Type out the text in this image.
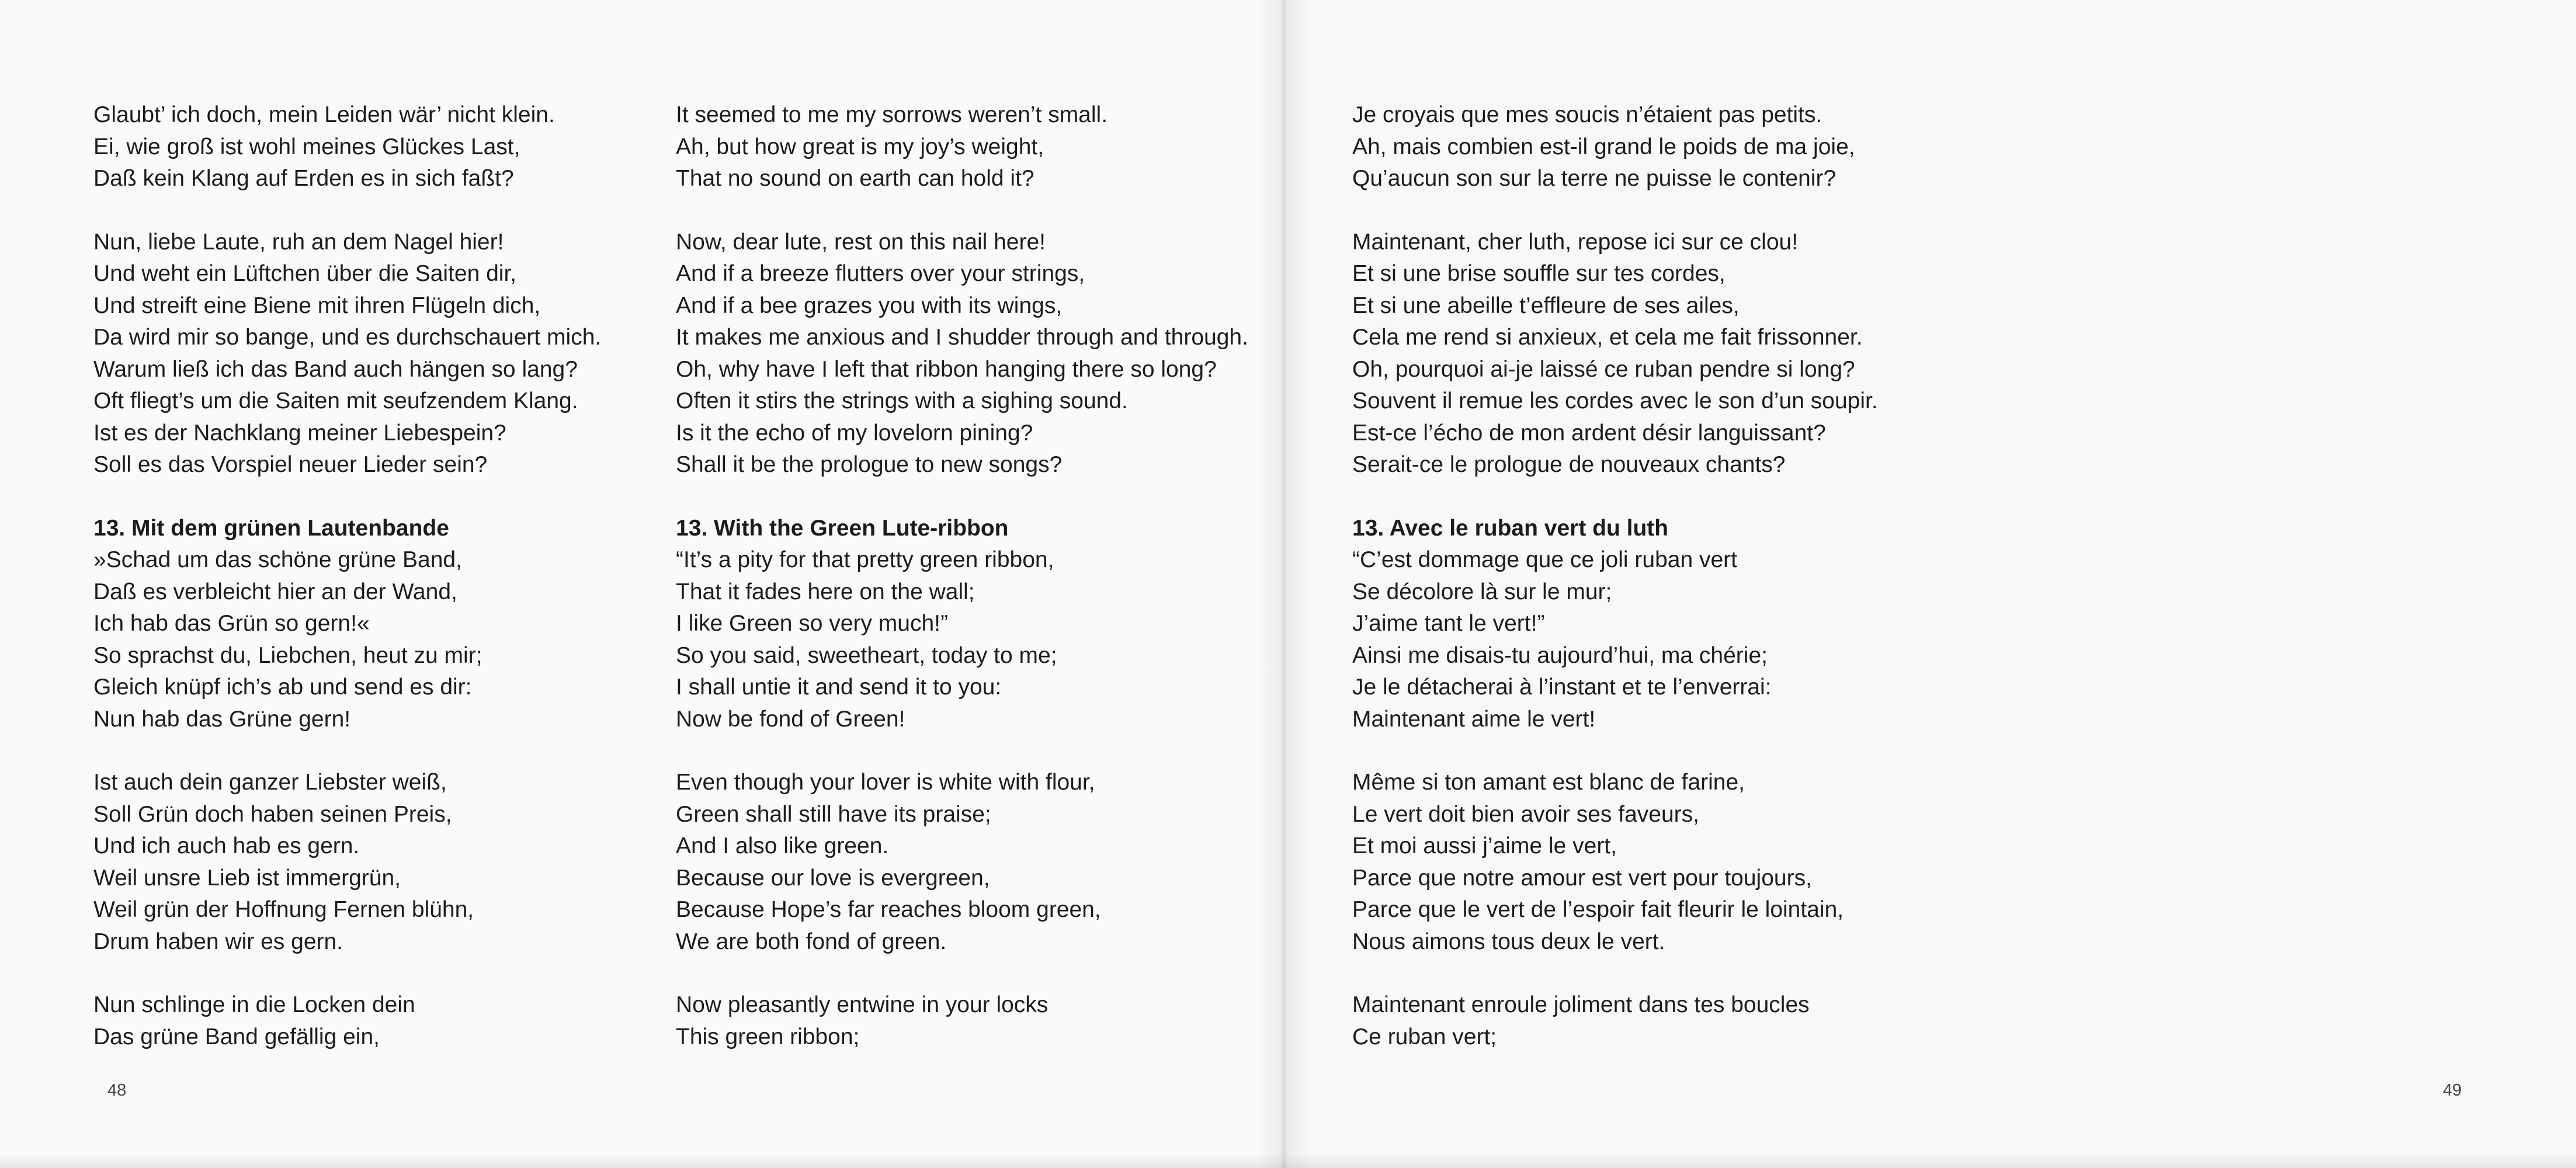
Glaubt’ ich doch, mein Leiden wär’ nicht klein.
Ei, wie groß ist wohl meines Glückes Last,
Daß kein Klang auf Erden es in sich faßt?
Nun, liebe Laute, ruh an dem Nagel hier!
Und weht ein Lüftchen über die Saiten dir,
Und streift eine Biene mit ihren Flügeln dich,
Da wird mir so bange, und es durchschauert mich.
Warum ließ ich das Band auch hängen so lang?
Oft fliegt’s um die Saiten mit seufzendem Klang.
Ist es der Nachklang meiner Liebespein?
Soll es das Vorspiel neuer Lieder sein?
13. Mit dem grünen Lautenbande
»Schad um das schöne grüne Band,
Daß es verbleicht hier an der Wand,
Ich hab das Grün so gern!«
So sprachst du, Liebchen, heut zu mir;
Gleich knüpf ich’s ab und send es dir:
Nun hab das Grüne gern!
Ist auch dein ganzer Liebster weiß,
Soll Grün doch haben seinen Preis,
Und ich auch hab es gern.
Weil unsre Lieb ist immergrün,
Weil grün der Hoffnung Fernen blühn,
Drum haben wir es gern.
Nun schlinge in die Locken dein
Das grüne Band gefällig ein,
It seemed to me my sorrows weren’t small.
Ah, but how great is my joy’s weight,
That no sound on earth can hold it?
Now, dear lute, rest on this nail here!
And if a breeze flutters over your strings,
And if a bee grazes you with its wings,
It makes me anxious and I shudder through and through.
Oh, why have I left that ribbon hanging there so long?
Often it stirs the strings with a sighing sound.
Is it the echo of my lovelorn pining?
Shall it be the prologue to new songs?
13. With the Green Lute-ribbon
“It’s a pity for that pretty green ribbon,
That it fades here on the wall;
I like Green so very much!”
So you said, sweetheart, today to me;
I shall untie it and send it to you:
Now be fond of Green!
Even though your lover is white with flour,
Green shall still have its praise;
And I also like green.
Because our love is evergreen,
Because Hope’s far reaches bloom green,
We are both fond of green.
Now pleasantly entwine in your locks
This green ribbon;
Je croyais que mes soucis n’étaient pas petits.
Ah, mais combien est-il grand le poids de ma joie,
Qu’aucun son sur la terre ne puisse le contenir?
Maintenant, cher luth, repose ici sur ce clou!
Et si une brise souffle sur tes cordes,
Et si une abeille t’effleure de ses ailes,
Cela me rend si anxieux, et cela me fait frissonner.
Oh, pourquoi ai-je laissé ce ruban pendre si long?
Souvent il remue les cordes avec le son d’un soupir.
Est-ce l’écho de mon ardent désir languissant?
Serait-ce le prologue de nouveaux chants?
13. Avec le ruban vert du luth
“C’est dommage que ce joli ruban vert
Se décolore là sur le mur;
J’aime tant le vert!”
Ainsi me disais-tu aujourd’hui, ma chérie;
Je le détacherai à l’instant et te l’enverrai:
Maintenant aime le vert!
Même si ton amant est blanc de farine,
Le vert doit bien avoir ses faveurs,
Et moi aussi j’aime le vert,
Parce que notre amour est vert pour toujours,
Parce que le vert de l’espoir fait fleurir le lointain,
Nous aimons tous deux le vert.
Maintenant enroule joliment dans tes boucles
Ce ruban vert;
48	49
